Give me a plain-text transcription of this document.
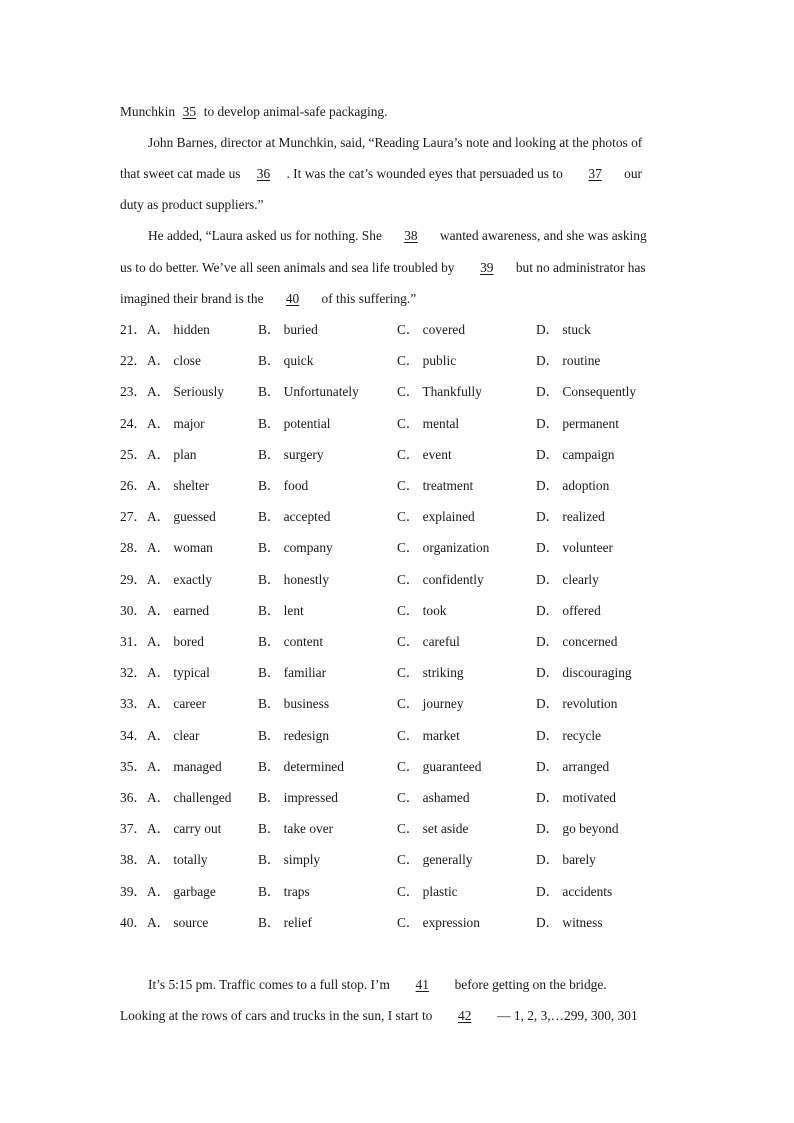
Munchkin 35 to develop animal-safe packaging.
John Barnes, director at Munchkin, said, “Reading Laura’s note and looking at the photos of
that sweet cat made us 36 . It was the cat’s wounded eyes that persuaded us to 37 our
duty as product suppliers.”
He added, “Laura asked us for nothing. She 38 wanted awareness, and she was asking
us to do better. We’ve all seen animals and sea life troubled by 39 but no administrator has
imagined their brand is the 40 of this suffering.”
21． A． hidden	B． buried	C． covered	D． stuck
22． A． close	B． quick	C． public	D． routine
23． A． Seriously	B． Unfortunately	C． Thankfully	D． Consequently
24． A． major	B． potential	C． mental	D． permanent
25． A． plan	B． surgery	C． event	D． campaign
26． A． shelter	B． food	C． treatment	D． adoption
27． A． guessed	B． accepted	C． explained	D． realized
28． A． woman	B． company	C． organization	D． volunteer
29． A． exactly	B． honestly	C． confidently	D． clearly
30． A． earned	B． lent	C． took	D． offered
31． A． bored	B． content	C． careful	D． concerned
32． A． typical	B． familiar	C． striking	D． discouraging
33． A． career	B． business	C． journey	D． revolution
34． A． clear	B． redesign	C． market	D． recycle
35． A． managed	B． determined	C． guaranteed	D． arranged
36． A． challenged B． impressed	C． ashamed	D． motivated
37． A． carry out	B． take over	C． set aside	D． go beyond
38． A． totally	B． simply	C． generally	D． barely
39． A． garbage	B． traps	C． plastic	D． accidents
40． A． source	B． relief	C． expression	D． witness
It’s 5:15 pm. Traffic comes to a full stop. I’m 41 before getting on the bridge.
Looking at the rows of cars and trucks in the sun, I start to 42 — 1, 2, 3,…299, 300, 301
